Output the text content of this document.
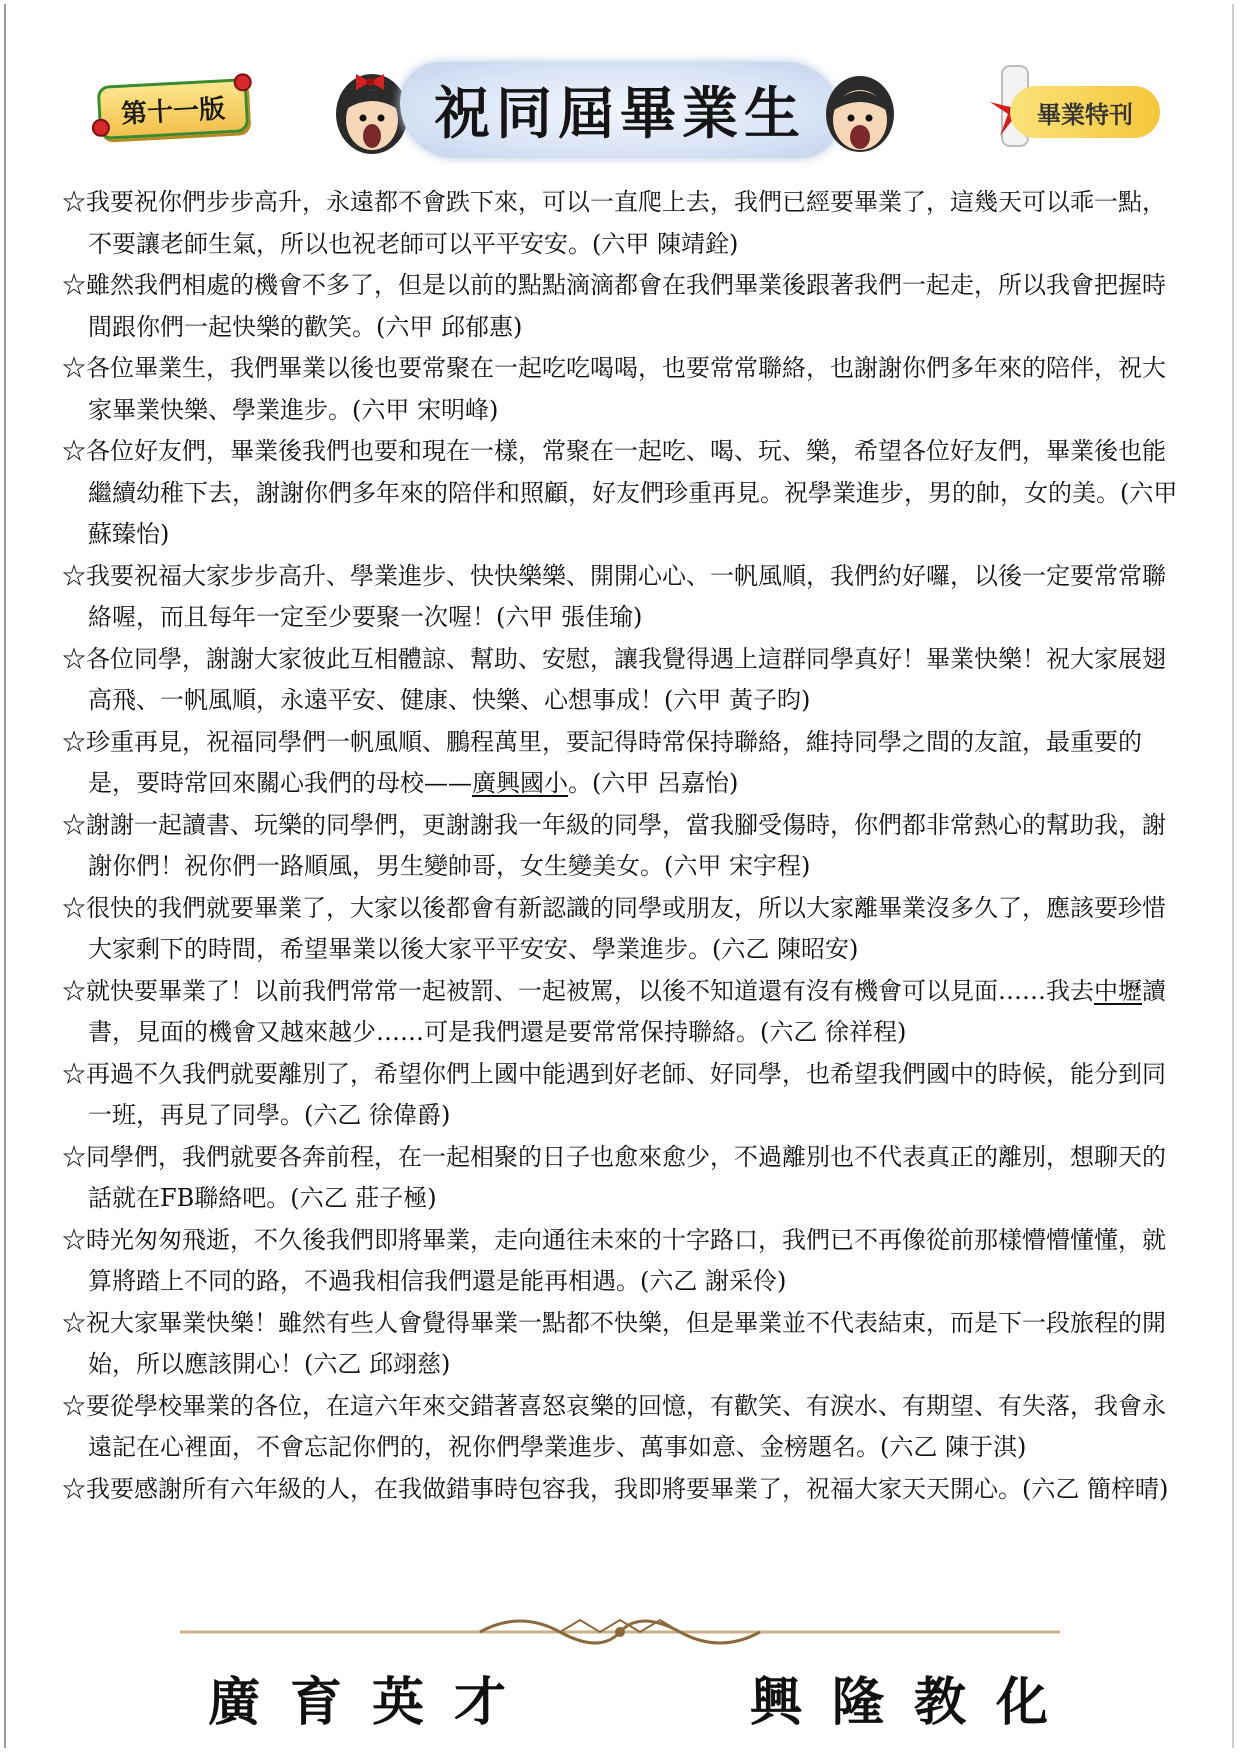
第十一版	祝同屆畢業生	畢業特刊

☆我要祝你們步步高升，永遠都不會跌下來，可以一直爬上去，我們已經要畢業了，這幾天可以乖一點，不要讓老師生氣，所以也祝老師可以平平安安。(六甲 陳靖銓)

☆雖然我們相處的機會不多了，但是以前的點點滴滴都會在我們畢業後跟著我們一起走，所以我會把握時間跟你們一起快樂的歡笑。(六甲 邱郁惠)

☆各位畢業生，我們畢業以後也要常聚在一起吃吃喝喝，也要常常聯絡，也謝謝你們多年來的陪伴，祝大家畢業快樂、學業進步。(六甲 宋明峰)

☆各位好友們，畢業後我們也要和現在一樣，常聚在一起吃、喝、玩、樂，希望各位好友們，畢業後也能繼續幼稚下去，謝謝你們多年來的陪伴和照顧，好友們珍重再見。祝學業進步，男的帥，女的美。(六甲 蘇臻怡)

☆我要祝福大家步步高升、學業進步、快快樂樂、開開心心、一帆風順，我們約好囉，以後一定要常常聯絡喔，而且每年一定至少要聚一次喔！(六甲 張佳瑜)

☆各位同學，謝謝大家彼此互相體諒、幫助、安慰，讓我覺得遇上這群同學真好！畢業快樂！祝大家展翅高飛、一帆風順，永遠平安、健康、快樂、心想事成！(六甲 黃子昀)

☆珍重再見，祝福同學們一帆風順、鵬程萬里，要記得時常保持聯絡，維持同學之間的友誼，最重要的是，要時常回來關心我們的母校——廣興國小。(六甲 呂嘉怡)

☆謝謝一起讀書、玩樂的同學們，更謝謝我一年級的同學，當我腳受傷時，你們都非常熱心的幫助我，謝謝你們！祝你們一路順風，男生變帥哥，女生變美女。(六甲 宋宇程)

☆很快的我們就要畢業了，大家以後都會有新認識的同學或朋友，所以大家離畢業沒多久了，應該要珍惜大家剩下的時間，希望畢業以後大家平平安安、學業進步。(六乙 陳昭安)

☆就快要畢業了！以前我們常常一起被罰、一起被罵，以後不知道還有沒有機會可以見面……我去中壢讀書，見面的機會又越來越少……可是我們還是要常常保持聯絡。(六乙 徐祥程)

☆再過不久我們就要離別了，希望你們上國中能遇到好老師、好同學，也希望我們國中的時候，能分到同一班，再見了同學。(六乙 徐偉爵)

☆同學們，我們就要各奔前程，在一起相聚的日子也愈來愈少，不過離別也不代表真正的離別，想聊天的話就在FB聯絡吧。(六乙 莊子極)

☆時光匆匆飛逝，不久後我們即將畢業，走向通往未來的十字路口，我們已不再像從前那樣懵懵懂懂，就算將踏上不同的路，不過我相信我們還是能再相遇。(六乙 謝采伶)

☆祝大家畢業快樂！雖然有些人會覺得畢業一點都不快樂，但是畢業並不代表結束，而是下一段旅程的開始，所以應該開心！(六乙 邱翊慈)

☆要從學校畢業的各位，在這六年來交錯著喜怒哀樂的回憶，有歡笑、有淚水、有期望、有失落，我會永遠記在心裡面，不會忘記你們的，祝你們學業進步、萬事如意、金榜題名。(六乙 陳于淇)

☆我要感謝所有六年級的人，在我做錯事時包容我，我即將要畢業了，祝福大家天天開心。(六乙 簡梓晴)

廣育英才	興隆教化
